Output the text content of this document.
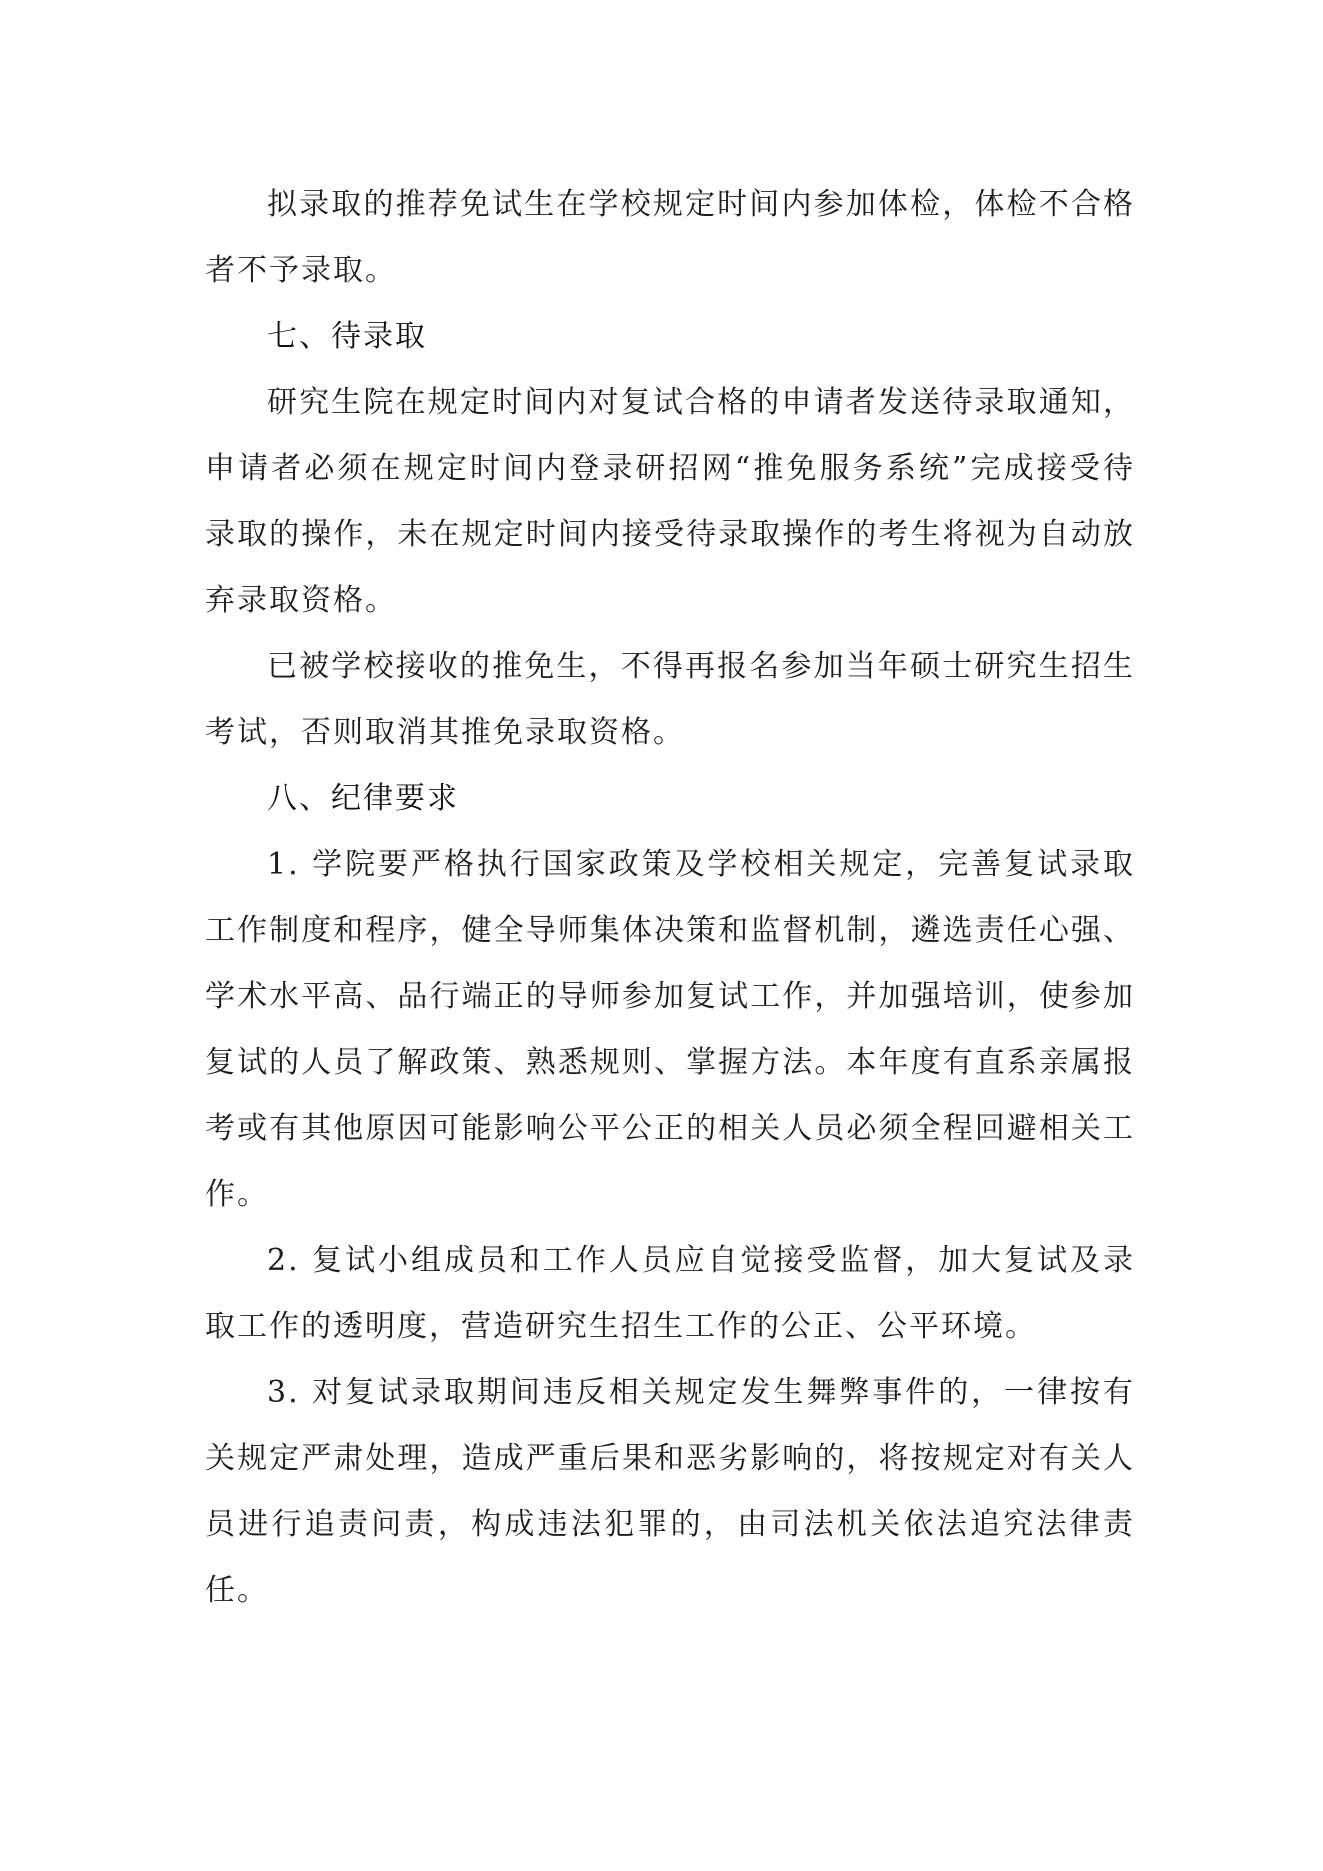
拟录取的推荐免试生在学校规定时间内参加体检，体检不合格者不予录取。

七、待录取

研究生院在规定时间内对复试合格的申请者发送待录取通知，申请者必须在规定时间内登录研招网“推免服务系统”完成接受待录取的操作，未在规定时间内接受待录取操作的考生将视为自动放弃录取资格。

已被学校接收的推免生，不得再报名参加当年硕士研究生招生考试，否则取消其推免录取资格。

八、纪律要求

1. 学院要严格执行国家政策及学校相关规定，完善复试录取工作制度和程序，健全导师集体决策和监督机制，遴选责任心强、学术水平高、品行端正的导师参加复试工作，并加强培训，使参加复试的人员了解政策、熟悉规则、掌握方法。本年度有直系亲属报考或有其他原因可能影响公平公正的相关人员必须全程回避相关工作。

2. 复试小组成员和工作人员应自觉接受监督，加大复试及录取工作的透明度，营造研究生招生工作的公正、公平环境。

3. 对复试录取期间违反相关规定发生舞弊事件的，一律按有关规定严肃处理，造成严重后果和恶劣影响的，将按规定对有关人员进行追责问责，构成违法犯罪的，由司法机关依法追究法律责任。
